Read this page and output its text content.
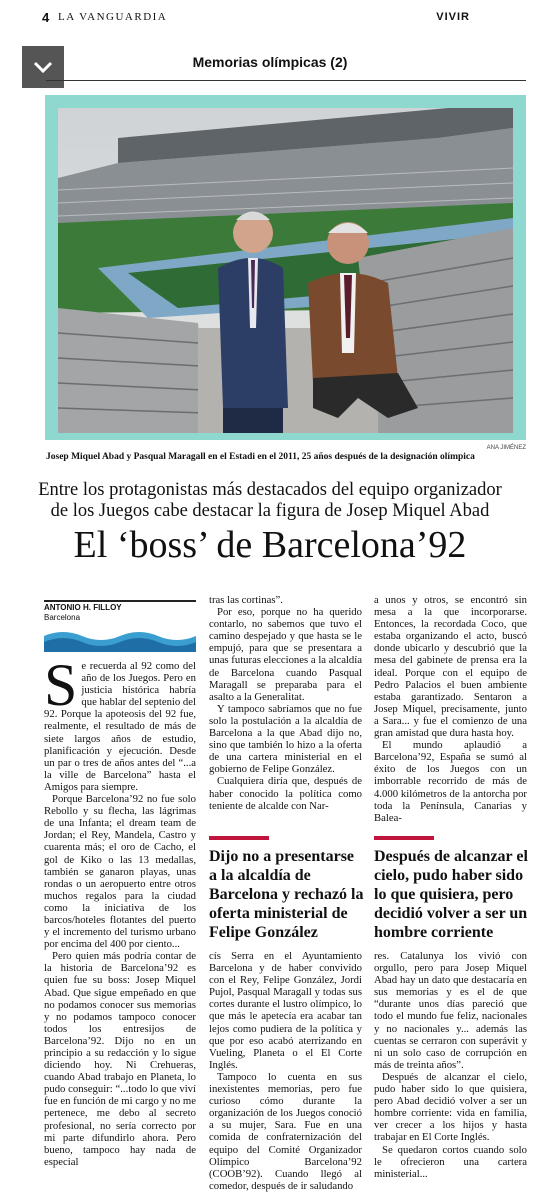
4 LA VANGUARDIA	VIVIR
Memorias olímpicas (2)
ANA JIMÉNEZ
Josep Miquel Abad y Pasqual Maragall en el Estadi en el 2011, 25 años después de la designación olímpica
Entre los protagonistas más destacados del equipo organizador de los Juegos cabe destacar la figura de Josep Miquel Abad
El ‘boss’ de Barcelona’92
ANTONIO H. FILLOY
Barcelona

Se recuerda al 92 como del año de los Juegos. Pero en justicia histórica habría que hablar del septenio del 92. Porque la apoteosis del 92 fue, realmente, el resultado de más de siete largos años de estudio, planificación y ejecución. Desde un par o tres de años antes del “...a la ville de Barcelona” hasta el Amigos para siempre.

Porque Barcelona’92 no fue solo Rebollo y su flecha, las lágrimas de una Infanta; el dream team de Jordan; el Rey, Mandela, Castro y cuarenta más; el oro de Cacho, el gol de Kiko o las 13 medallas, también se ganaron playas, unas rondas o un aeropuerto entre otros muchos regalos para la ciudad como la iniciativa de los barcos/hoteles flotantes del puerto y el incremento del turismo urbano por encima del 400 por ciento...

Pero quien más podría contar de la historia de Barcelona’92 es quien fue su boss: Josep Miquel Abad. Que sigue empeñado en que no podamos conocer sus memorias y no podamos tampoco conocer todos los entresijos de Barcelona’92. Dijo no en un principio a su redacción y lo sigue diciendo hoy. Ni Crehueras, cuando Abad trabajo en Planeta, lo pudo conseguir: “...todo lo que viví fue en función de mi cargo y no me pertenece, me debo al secreto profesional, no sería correcto por mi parte difundirlo ahora. Pero bueno, tampoco hay nada de especial

tras las cortinas”.

Por eso, porque no ha querido contarlo, no sabemos que tuvo el camino despejado y que hasta se le empujó, para que se presentara a unas futuras elecciones a la alcaldía de Barcelona cuando Pasqual Maragall se preparaba para el asalto a la Generalitat.

Y tampoco sabríamos que no fue solo la postulación a la alcaldía de Barcelona a la que Abad dijo no, sino que también lo hizo a la oferta de una cartera ministerial en el gobierno de Felipe González.

Cualquiera diría que, después de haber conocido la política como teniente de alcalde con Nar-

Dijo no a presentarse a la alcaldía de Barcelona y rechazó la oferta ministerial de Felipe González

cís Serra en el Ayuntamiento Barcelona y de haber convivido con el Rey, Felipe González, Jordi Pujol, Pasqual Maragall y todas sus cortes durante el lustro olímpico, lo que más le apetecía era acabar tan lejos como pudiera de la política y que por eso acabó aterrizando en Vueling, Planeta o el El Corte Inglés.

Tampoco lo cuenta en sus inexistentes memorias, pero fue curioso cómo durante la organización de los Juegos conoció a su mujer, Sara. Fue en una comida de confraternización del equipo del Comité Organizador Olímpico Barcelona’92 (COOB’92). Cuando llegó al comedor, después de ir saludando

a unos y otros, se encontró sin mesa a la que incorporarse. Entonces, la recordada Coco, que estaba organizando el acto, buscó donde ubicarlo y descubrió que la mesa del gabinete de prensa era la ideal. Porque con el equipo de Pedro Palacios el buen ambiente estaba garantizado. Sentaron a Josep Miquel, precisamente, junto a Sara... y fue el comienzo de una gran amistad que dura hasta hoy.

El mundo aplaudió a Barcelona’92, España se sumó al éxito de los Juegos con un imborrable recorrido de más de 4.000 kilómetros de la antorcha por toda la Península, Canarias y Balea-

Después de alcanzar el cielo, pudo haber sido lo que quisiera, pero decidió volver a ser un hombre corriente

res. Catalunya los vivió con orgullo, pero para Josep Miquel Abad hay un dato que destacaría en sus memorias y es el de que “durante unos días pareció que todo el mundo fue feliz, nacionales y no nacionales y... además las cuentas se cerraron con superávit y ni un solo caso de corrupción en más de treinta años”.

Después de alcanzar el cielo, pudo haber sido lo que quisiera, pero Abad decidió volver a ser un hombre corriente: vida en familia, ver crecer a los hijos y hasta trabajar en El Corte Inglés.

Se quedaron cortos cuando solo le ofrecieron una cartera ministerial...
